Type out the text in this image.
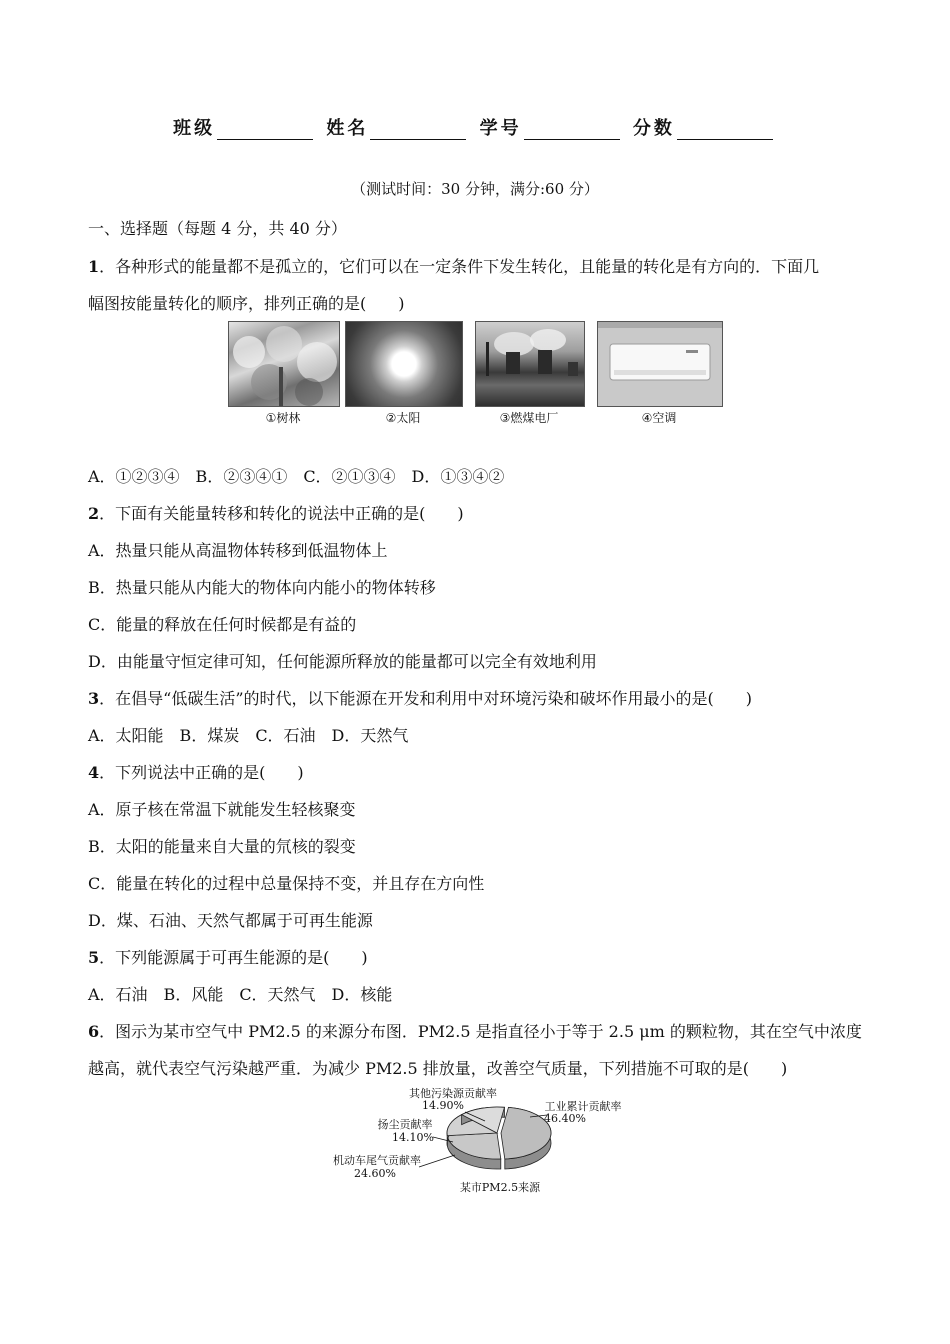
班级	姓名	学号	分数
（测试时间：30 分钟，满分:60 分）
一、选择题（每题 4 分，共 40 分）
1．各种形式的能量都不是孤立的，它们可以在一定条件下发生转化，且能量的转化是有方向的．下面几
幅图按能量转化的顺序，排列正确的是(　　)
①树林	②太阳	③燃煤电厂	④空调
A．①②③④　B．②③④①　C．②①③④　D．①③④②
2．下面有关能量转移和转化的说法中正确的是(　　)
A．热量只能从高温物体转移到低温物体上
B．热量只能从内能大的物体向内能小的物体转移
C．能量的释放在任何时候都是有益的
D．由能量守恒定律可知，任何能源所释放的能量都可以完全有效地利用
3．在倡导“低碳生活”的时代，以下能源在开发和利用中对环境污染和破坏作用最小的是(　　)
A．太阳能　B．煤炭　C．石油　D．天然气
4．下列说法中正确的是(　　)
A．原子核在常温下就能发生轻核聚变
B．太阳的能量来自大量的氘核的裂变
C．能量在转化的过程中总量保持不变，并且存在方向性
D．煤、石油、天然气都属于可再生能源
5．下列能源属于可再生能源的是(　　)
A．石油　B．风能　C．天然气　D．核能
6．图示为某市空气中 PM2.5 的来源分布图．PM2.5 是指直径小于等于 2.5 μm 的颗粒物，其在空气中浓度
越高，就代表空气污染越严重．为减少 PM2.5 排放量，改善空气质量，下列措施不可取的是(　　)
其他污染源贡献率
14.90%	工业累计贡献率
46.40%
扬尘贡献率
14.10%
机动车尾气贡献率
24.60%
某市PM2.5来源
